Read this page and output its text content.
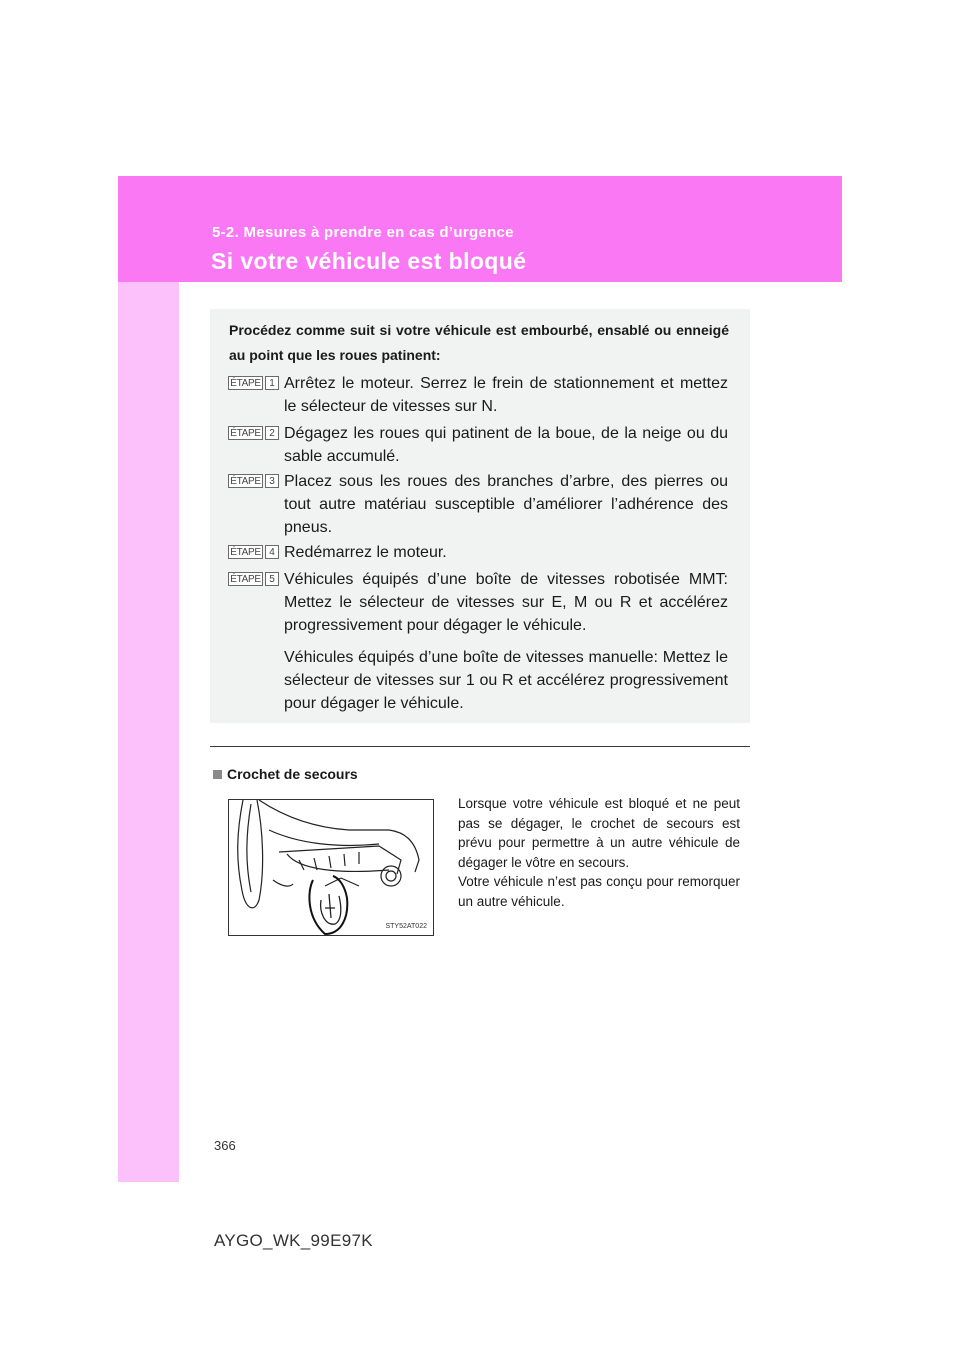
5-2. Mesures à prendre en cas d’urgence
Si votre véhicule est bloqué
Procédez comme suit si votre véhicule est embourbé, ensablé ou enneigé au point que les roues patinent:
ÉTAPE 1 Arrêtez le moteur. Serrez le frein de stationnement et mettez le sélecteur de vitesses sur N.

ÉTAPE 2 Dégagez les roues qui patinent de la boue, de la neige ou du sable accumulé.

ÉTAPE 3 Placez sous les roues des branches d’arbre, des pierres ou tout autre matériau susceptible d’améliorer l’adhérence des pneus.

ÉTAPE 4 Redémarrez le moteur.

ÉTAPE 5 Véhicules équipés d’une boîte de vitesses robotisée MMT: Mettez le sélecteur de vitesses sur E, M ou R et accélérez progressivement pour dégager le véhicule.

Véhicules équipés d’une boîte de vitesses manuelle: Mettez le sélecteur de vitesses sur 1 ou R et accélérez progressivement pour dégager le véhicule.

Crochet de secours
STY52AT022

Lorsque votre véhicule est bloqué et ne peut pas se dégager, le crochet de secours est prévu pour permettre à un autre véhicule de dégager le vôtre en secours.

Votre véhicule n’est pas conçu pour remorquer un autre véhicule.

366
AYGO_WK_99E97K
